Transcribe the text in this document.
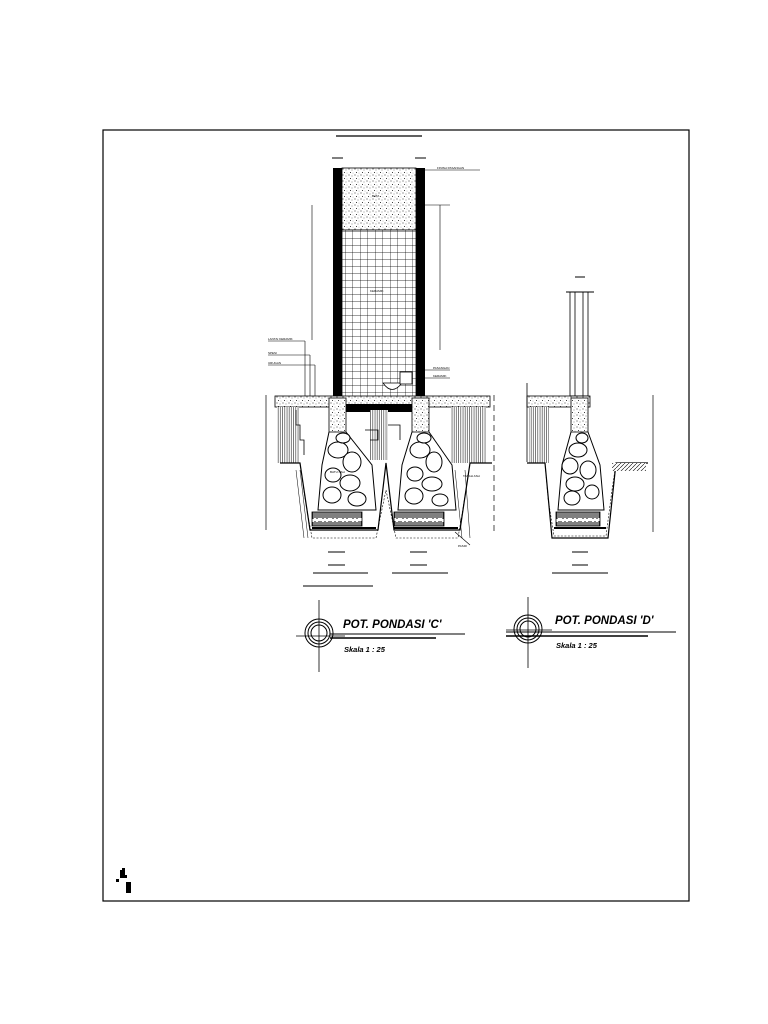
BATA
KERAMIK
FINISH PASANGAN
PASANGAN
KERAMIK
LANTAI KERAMIK
SPESI
URUGAN
BATU KALI
PASIR
TANAH ASLI
POT. PONDASI 'C'
Skala 1 : 25
POT. PONDASI 'D'
Skala 1 : 25
